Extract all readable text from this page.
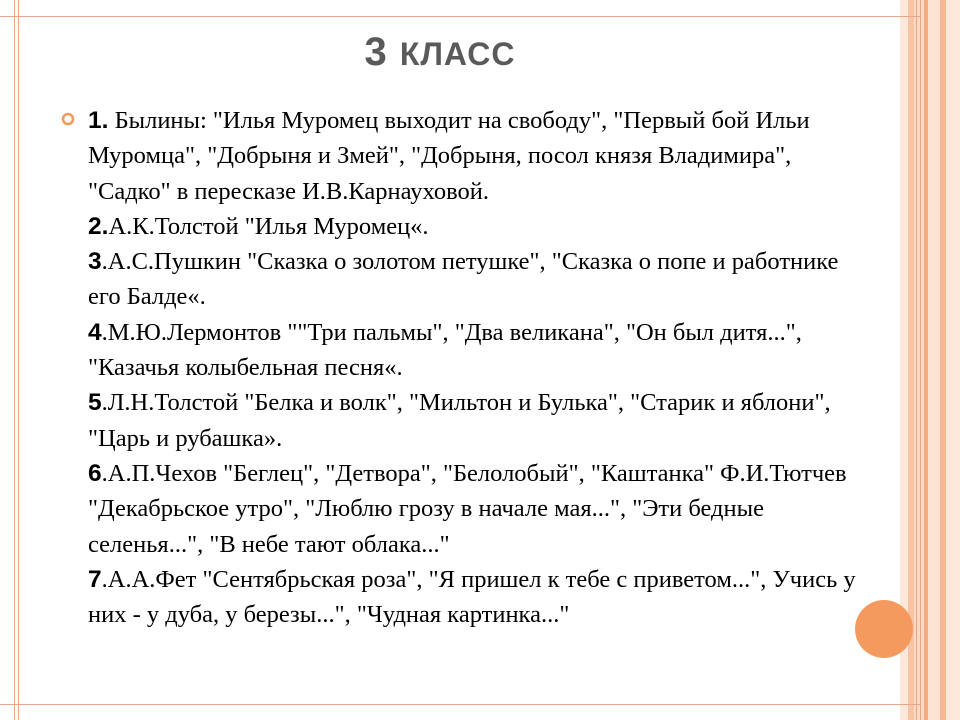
3 КЛАСС

1. Былины: "Илья Муромец выходит на свободу", "Первый бой Ильи Муромца", "Добрыня и Змей", "Добрыня, посол князя Владимира", "Садко" в пересказе И.В.Карнауховой.

2.А.К.Толстой "Илья Муромец«.

3.А.С.Пушкин "Сказка о золотом петушке", "Сказка о попе и работнике его Балде«.

4.М.Ю.Лермонтов ""Три пальмы", "Два великана", "Он был дитя...", "Казачья колыбельная песня«.

5.Л.Н.Толстой "Белка и волк", "Мильтон и Булька", "Старик и яблони", "Царь и рубашка».

6.А.П.Чехов "Беглец", "Детвора", "Белолобый", "Каштанка" Ф.И.Тютчев "Декабрьское утро", "Люблю грозу в начале мая...", "Эти бедные селенья...", "В небе тают облака..."

7.А.А.Фет "Сентябрьская роза", "Я пришел к тебе с приветом...", Учись у них - у дуба, у березы...", "Чудная картинка..."
